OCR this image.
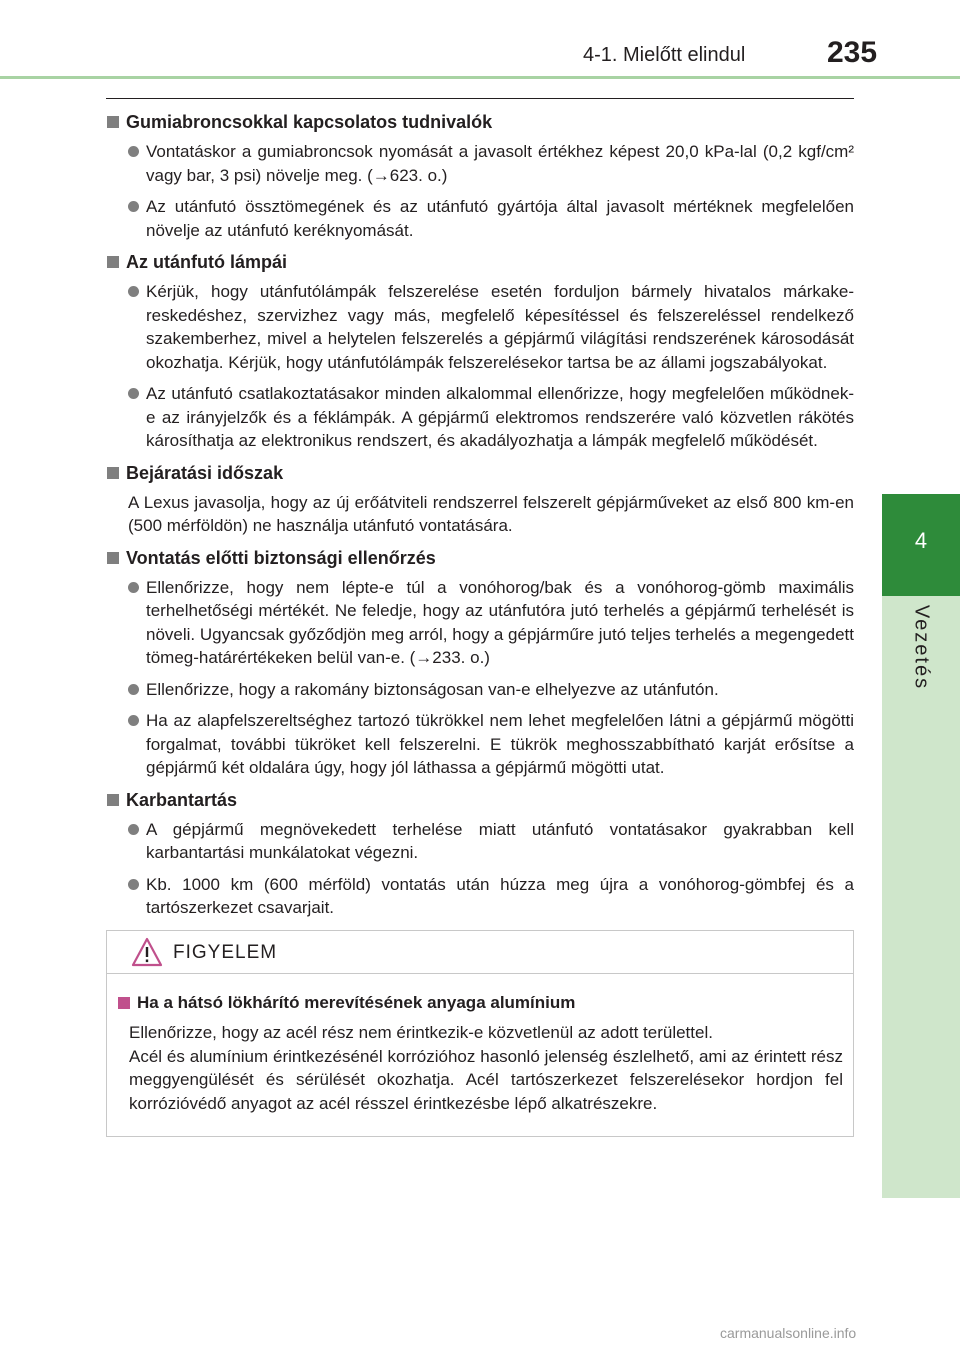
4-1. Mielőtt elindul	235
4
Vezetés
Gumiabroncsokkal kapcsolatos tudnivalók
Vontatáskor a gumiabroncsok nyomását a javasolt értékhez képest 20,0 kPa-lal (0,2 kgf/cm² vagy bar, 3 psi) növelje meg. (→623. o.)
Az utánfutó össztömegének és az utánfutó gyártója által javasolt mértéknek megfelelően növelje az utánfutó keréknyomását.
Az utánfutó lámpái
Kérjük, hogy utánfutólámpák felszerelése esetén forduljon bármely hivatalos márkakereskedéshez, szervizhez vagy más, megfelelő képesítéssel és felszereléssel rendelkező szakemberhez, mivel a helytelen felszerelés a gépjármű világítási rendszerének károsodását okozhatja. Kérjük, hogy utánfutólámpák felszerelésekor tartsa be az állami jogszabályokat.
Az utánfutó csatlakoztatásakor minden alkalommal ellenőrizze, hogy megfelelően működnek-e az irányjelzők és a féklámpák. A gépjármű elektromos rendszerére való közvetlen rákötés károsíthatja az elektronikus rendszert, és akadályozhatja a lámpák megfelelő működését.
Bejáratási időszak
A Lexus javasolja, hogy az új erőátviteli rendszerrel felszerelt gépjárműveket az első 800 km-en (500 mérföldön) ne használja utánfutó vontatására.
Vontatás előtti biztonsági ellenőrzés
Ellenőrizze, hogy nem lépte-e túl a vonóhorog/bak és a vonóhorog-gömb maximális terhelhetőségi mértékét. Ne feledje, hogy az utánfutóra jutó terhelés a gépjármű terhelését is növeli. Ugyancsak győződjön meg arról, hogy a gépjárműre jutó teljes terhelés a megengedett tömeg-határértékeken belül van-e. (→233. o.)
Ellenőrizze, hogy a rakomány biztonságosan van-e elhelyezve az utánfutón.
Ha az alapfelszereltséghez tartozó tükrökkel nem lehet megfelelően látni a gépjármű mögötti forgalmat, további tükröket kell felszerelni. E tükrök meghosszabbítható karját erősítse a gépjármű két oldalára úgy, hogy jól láthassa a gépjármű mögötti utat.
Karbantartás
A gépjármű megnövekedett terhelése miatt utánfutó vontatásakor gyakrabban kell karbantartási munkálatokat végezni.
Kb. 1000 km (600 mérföld) vontatás után húzza meg újra a vonóhorog-gömbfej és a tartószerkezet csavarjait.
FIGYELEM
Ha a hátsó lökhárító merevítésének anyaga alumínium
Ellenőrizze, hogy az acél rész nem érintkezik-e közvetlenül az adott területtel.
Acél és alumínium érintkezésénél korrózióhoz hasonló jelenség észlelhető, ami az érintett rész meggyengülését és sérülését okozhatja. Acél tartószerkezet felszerelésekor hordjon fel korrózióvédő anyagot az acél résszel érintkezésbe lépő alkatrészekre.
carmanualsonline.info
